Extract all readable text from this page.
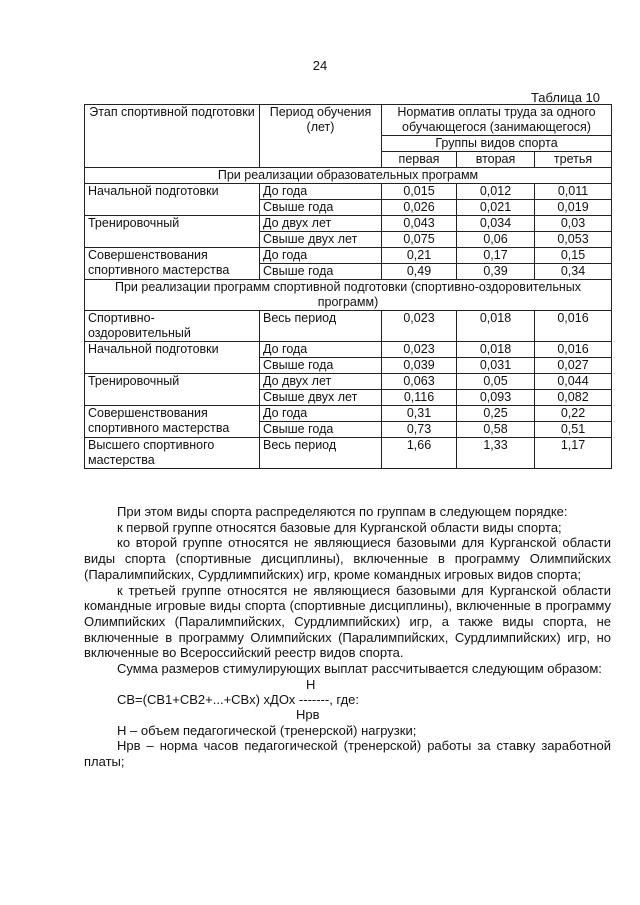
24
Таблица 10
Этап спортивной подготовки	Период обучения (лет)	Норматив оплаты труда за одного обучающегося (занимающегося)		
		Группы видов спорта		
		первая	вторая	третья
При реализации образовательных программ				
Начальной подготовки	До года	0,015	0,012	0,011
	Свыше года	0,026	0,021	0,019
Тренировочный	До двух лет	0,043	0,034	0,03
	Свыше двух лет	0,075	0,06	0,053
Совершенствования спортивного мастерства	До года	0,21	0,17	0,15
	Свыше года	0,49	0,39	0,34
При реализации программ спортивной подготовки (спортивно-оздоровительных программ)				
Спортивно-оздоровительный	Весь период	0,023	0,018	0,016
Начальной подготовки	До года	0,023	0,018	0,016
	Свыше года	0,039	0,031	0,027
Тренировочный	До двух лет	0,063	0,05	0,044
	Свыше двух лет	0,116	0,093	0,082
Совершенствования спортивного мастерства	До года	0,31	0,25	0,22
	Свыше года	0,73	0,58	0,51
Высшего спортивного мастерства	Весь период	1,66	1,33	1,17

При этом виды спорта распределяются по группам в следующем порядке:

к первой группе относятся базовые для Курганской области виды спорта;

ко второй группе относятся не являющиеся базовыми для Курганской области виды спорта (спортивные дисциплины), включенные в программу Олимпийских (Паралимпийских, Сурдлимпийских) игр, кроме командных игровых видов спорта;

к третьей группе относятся не являющиеся базовыми для Курганской области командные игровые виды спорта (спортивные дисциплины), включенные в программу Олимпийских (Паралимпийских, Сурдлимпийских) игр, а также виды спорта, не включенные в программу Олимпийских (Паралимпийских, Сурдлимпийских) игр, но включенные во Всероссийский реестр видов спорта.

Сумма размеров стимулирующих выплат рассчитывается следующим образом:

Н
СВ=(СВ1+СВ2+...+СВх) хДОх -------, где:
Нрв

Н – объем педагогической (тренерской) нагрузки;

Нрв – норма часов педагогической (тренерской) работы за ставку заработной платы;
